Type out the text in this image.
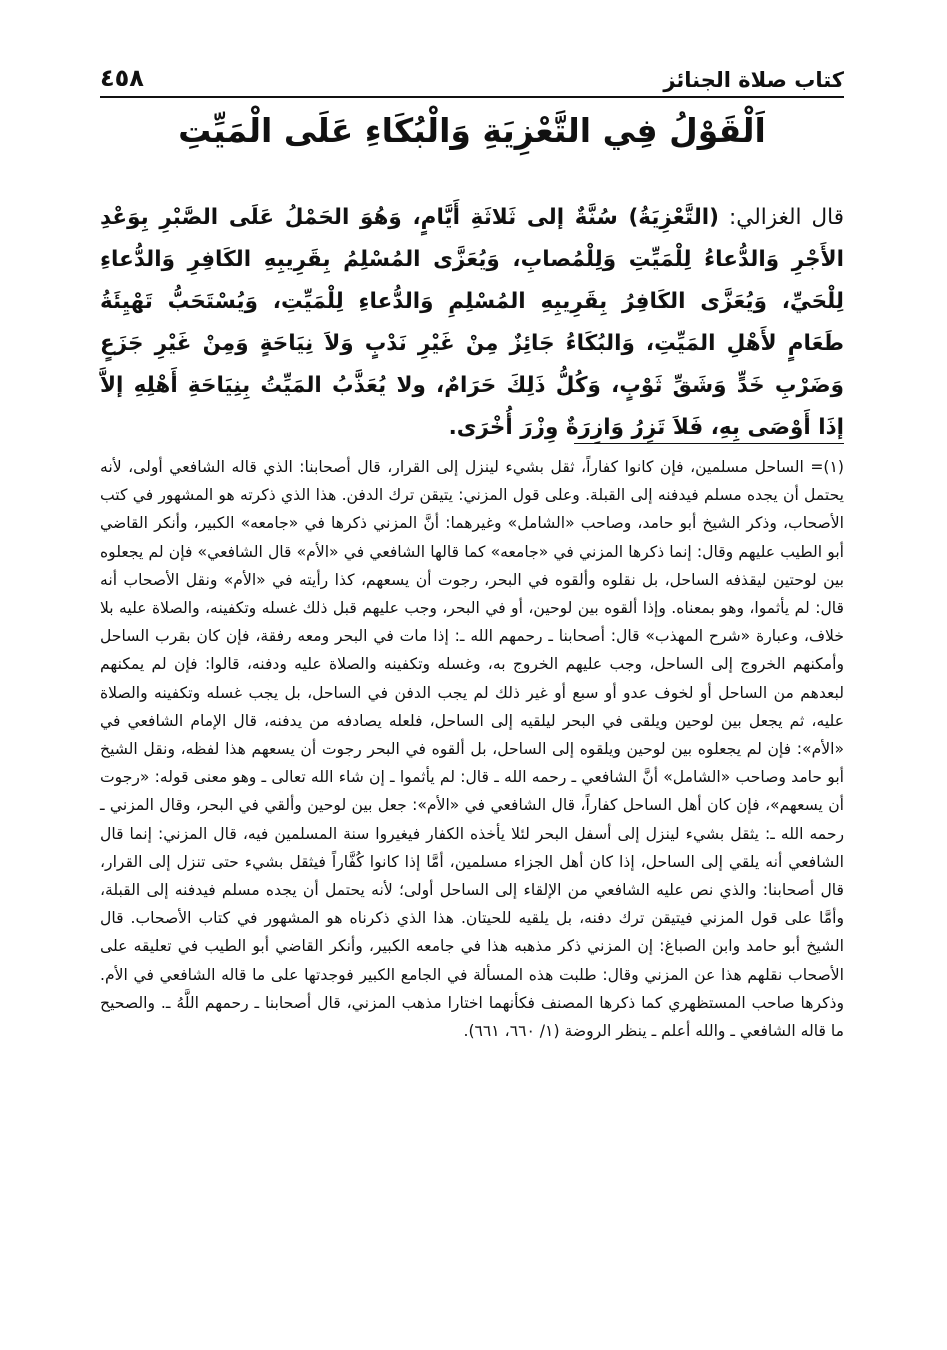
كتاب صلاة الجنائز
٤٥٨
اَلْقَوْلُ فِي التَّعْزِيَةِ وَالْبُكَاءِ عَلَى الْمَيِّتِ
قال الغزالي: (التَّعْزِيَةُ) سُنَّةٌ إلى ثَلاثَةِ أَيَّامٍ، وَهُوَ الحَمْلُ عَلَى الصَّبْرِ بِوَعْدِ الأَجْرِ وَالدُّعاءُ لِلْمَيِّتِ وَلِلْمُصابِ، وَيُعَزَّى المُسْلِمُ بِقَرِيبِهِ الكَافِرِ وَالدُّعاءِ لِلْحَيِّ، وَيُعَزَّى الكَافِرُ بِقَرِيبِهِ المُسْلِمِ وَالدُّعاءِ لِلْمَيِّتِ، وَيُسْتَحَبُّ تَهْيِئَةُ طَعَامٍ لأَهْلِ المَيِّتِ، وَالبُكَاءُ جَائِزٌ مِنْ غَيْرِ نَدْبٍ وَلاَ نِيَاحَةٍ وَمِنْ غَيْرِ جَزَعٍ وَضَرْبِ خَدٍّ وَشَقِّ ثَوْبٍ، وَكُلُّ ذَلِكَ حَرَامٌ، ولا يُعَذَّبُ المَيِّتُ بِنِيَاحَةِ أَهْلِهِ إلاَّ إذَا أَوْصَى بِهِ، فَلاَ تَزِرُ وَازِرَةٌ وِزْرَ أُخْرَى.
(١)= الساحل مسلمين، فإن كانوا كفاراً، ثقل بشيء لينزل إلى القرار، قال أصحابنا: الذي قاله الشافعي أولى، لأنه يحتمل أن يجده مسلم فيدفنه إلى القبلة. وعلى قول المزني: يتيقن ترك الدفن. هذا الذي ذكرته هو المشهور في كتب الأصحاب، وذكر الشيخ أبو حامد، وصاحب «الشامل» وغيرهما: أنَّ المزني ذكرها في «جامعه» الكبير، وأنكر القاضي أبو الطيب عليهم وقال: إنما ذكرها المزني في «جامعه» كما قالها الشافعي في «الأم» قال الشافعي» فإن لم يجعلوه بين لوحتين ليقذفه الساحل، بل نقلوه وألقوه في البحر، رجوت أن يسعهم، كذا رأيته في «الأم» ونقل الأصحاب أنه قال: لم يأثموا، وهو بمعناه. وإذا ألقوه بين لوحين، أو في البحر، وجب عليهم قبل ذلك غسله وتكفينه، والصلاة عليه بلا خلاف، وعبارة «شرح المهذب» قال: أصحابنا ـ رحمهم الله ـ: إذا مات في البحر ومعه رفقة، فإن كان بقرب الساحل وأمكنهم الخروج إلى الساحل، وجب عليهم الخروج به، وغسله وتكفينه والصلاة عليه ودفنه، قالوا: فإن لم يمكنهم لبعدهم من الساحل أو لخوف عدو أو سبع أو غير ذلك لم يجب الدفن في الساحل، بل يجب غسله وتكفينه والصلاة عليه، ثم يجعل بين لوحين ويلقى في البحر ليلقيه إلى الساحل، فلعله يصادفه من يدفنه، قال الإمام الشافعي في «الأم»: فإن لم يجعلوه بين لوحين ويلقوه إلى الساحل، بل ألقوه في البحر رجوت أن يسعهم هذا لفظه، ونقل الشيخ أبو حامد وصاحب «الشامل» أنَّ الشافعي ـ رحمه الله ـ قال: لم يأثموا ـ إن شاء الله تعالى ـ وهو معنى قوله: «رجوت أن يسعهم»، فإن كان أهل الساحل كفاراً، قال الشافعي في «الأم»: جعل بين لوحين وألقي في البحر، وقال المزني ـ رحمه الله ـ: يثقل بشيء لينزل إلى أسفل البحر لئلا يأخذه الكفار فيغيروا سنة المسلمين فيه، قال المزني: إنما قال الشافعي أنه يلقي إلى الساحل، إذا كان أهل الجزاء مسلمين، أمَّا إذا كانوا كُفَّاراً فيثقل بشيء حتى تنزل إلى القرار، قال أصحابنا: والذي نص عليه الشافعي من الإلقاء إلى الساحل أولى؛ لأنه يحتمل أن يجده مسلم فيدفنه إلى القبلة، وأمَّا على قول المزني فيتيقن ترك دفنه، بل يلقيه للحيتان. هذا الذي ذكرناه هو المشهور في كتاب الأصحاب. قال الشيخ أبو حامد وابن الصباغ: إن المزني ذكر مذهبه هذا في جامعه الكبير، وأنكر القاضي أبو الطيب في تعليقه على الأصحاب نقلهم هذا عن المزني وقال: طلبت هذه المسألة في الجامع الكبير فوجدتها على ما قاله الشافعي في الأم. وذكرها صاحب المستظهري كما ذكرها المصنف فكأنهما اختارا مذهب المزني، قال أصحابنا ـ رحمهم اللَّهُ ـ. والصحيح ما قاله الشافعي ـ والله أعلم ـ ينظر الروضة (١/ ٦٦٠، ٦٦١).
